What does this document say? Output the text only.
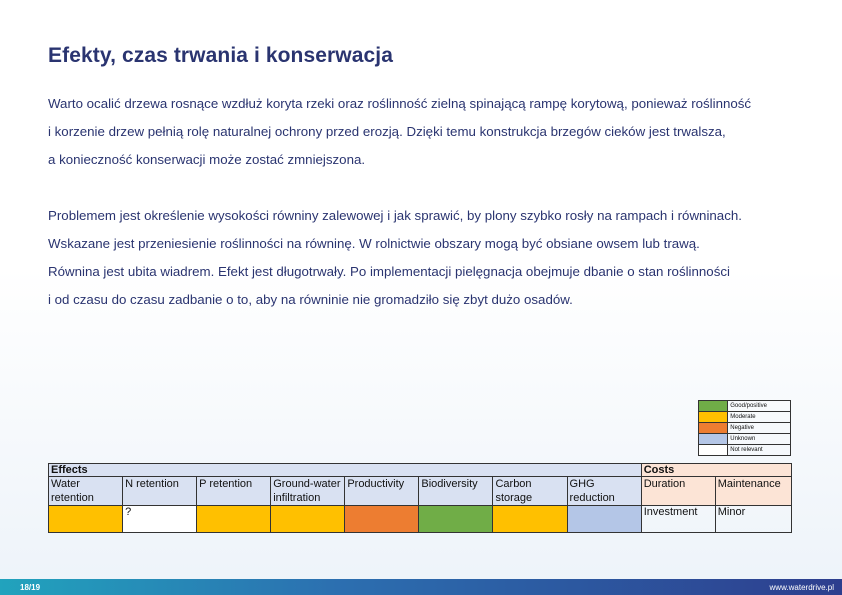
Efekty, czas trwania i konserwacja
Warto ocalić drzewa rosnące wzdłuż koryta rzeki oraz roślinność zielną spinającą rampę korytową, ponieważ roślinność
i korzenie drzew pełnią rolę naturalnej ochrony przed erozją. Dzięki temu konstrukcja brzegów cieków jest trwalsza,
a konieczność konserwacji może zostać zmniejszona.
Problemem jest określenie wysokości równiny zalewowej i jak sprawić, by plony szybko rosły na rampach i równinach.
Wskazane jest przeniesienie roślinności na równinę. W rolnictwie obszary mogą być obsiane owsem lub trawą.
Równina jest ubita wiadrem. Efekt jest długotrwały. Po implementacji pielęgnacja obejmuje dbanie o stan roślinności
i od czasu do czasu zadbanie o to, aby na równinie nie gromadziło się zbyt dużo osadów.
	Good/positive
	Moderate
	Negative
	Unknown
	Not relevant
Effects								Costs	
Water retention	N retention	P retention	Ground-water infiltration	Productivity	Biodiversity	Carbon storage	GHG reduction	Duration	Maintenance
	?							Investment	Minor
18/19	www.waterdrive.pl
